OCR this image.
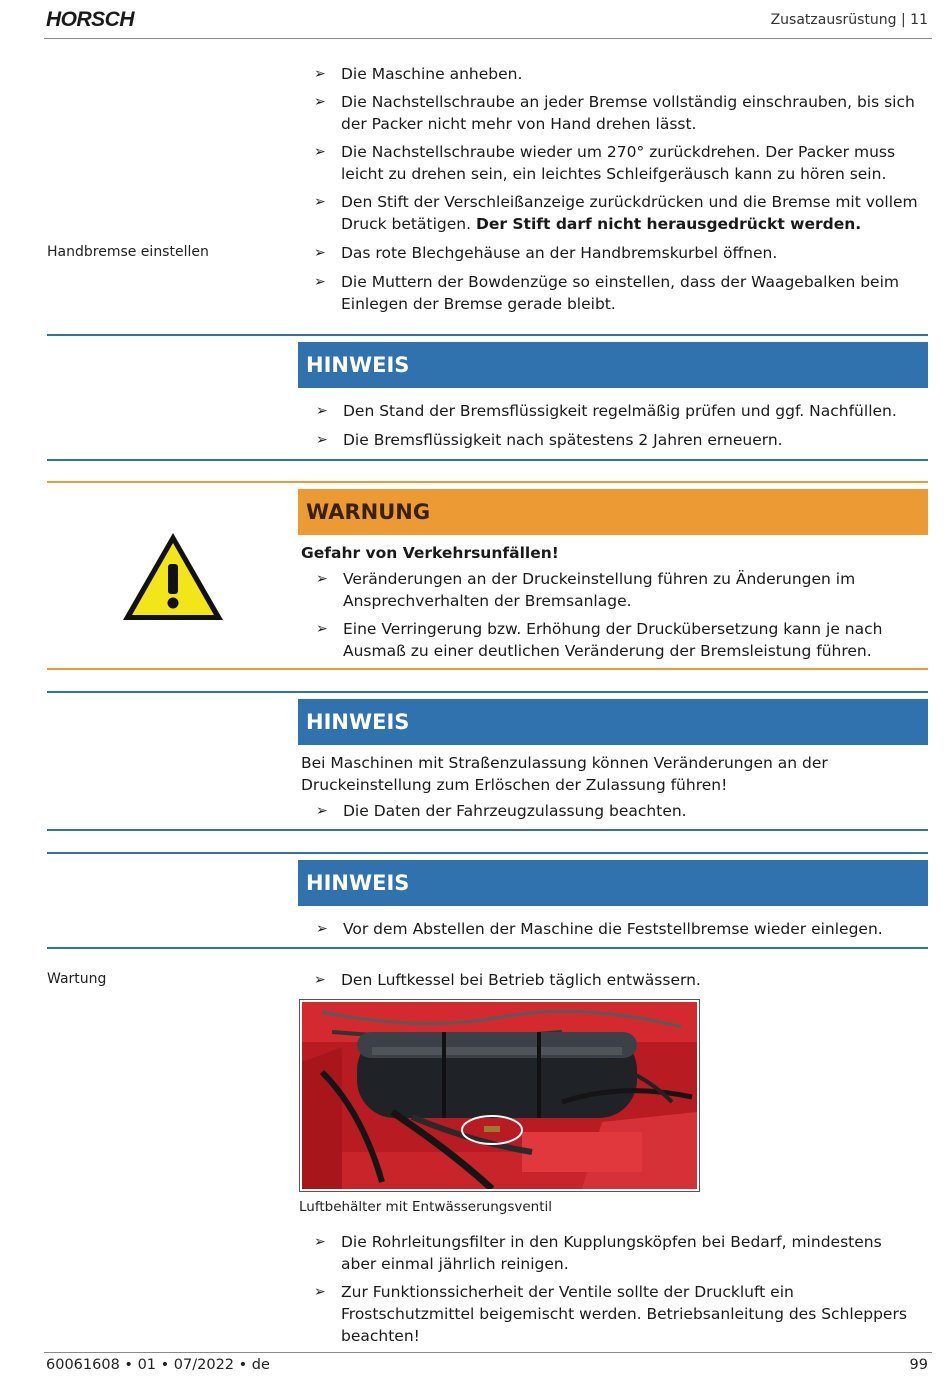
HORSCH	Zusatzausrüstung | 11
➢ Die Maschine anheben.
➢ Die Nachstellschraube an jeder Bremse vollständig einschrauben, bis sich der Packer nicht mehr von Hand drehen lässt.
➢ Die Nachstellschraube wieder um 270° zurückdrehen. Der Packer muss leicht zu drehen sein, ein leichtes Schleifgeräusch kann zu hören sein.
➢ Den Stift der Verschleißanzeige zurückdrücken und die Bremse mit vollem Druck betätigen. Der Stift darf nicht herausgedrückt werden.
Handbremse einstellen	➢ Das rote Blechgehäuse an der Handbremskurbel öffnen.
➢ Die Muttern der Bowdenzüge so einstellen, dass der Waagebalken beim Einlegen der Bremse gerade bleibt.
HINWEIS
➢ Den Stand der Bremsflüssigkeit regelmäßig prüfen und ggf. Nachfüllen.
➢ Die Bremsflüssigkeit nach spätestens 2 Jahren erneuern.
WARNUNG
Gefahr von Verkehrsunfällen!
➢ Veränderungen an der Druckeinstellung führen zu Änderungen im Ansprechverhalten der Bremsanlage.
➢ Eine Verringerung bzw. Erhöhung der Druckübersetzung kann je nach Ausmaß zu einer deutlichen Veränderung der Bremsleistung führen.
HINWEIS
Bei Maschinen mit Straßenzulassung können Veränderungen an der Druckeinstellung zum Erlöschen der Zulassung führen!
➢ Die Daten der Fahrzeugzulassung beachten.
HINWEIS
➢ Vor dem Abstellen der Maschine die Feststellbremse wieder einlegen.
Wartung	➢ Den Luftkessel bei Betrieb täglich entwässern.
Luftbehälter mit Entwässerungsventil
➢ Die Rohrleitungsfilter in den Kupplungsköpfen bei Bedarf, mindestens aber einmal jährlich reinigen.
➢ Zur Funktionssicherheit der Ventile sollte der Druckluft ein Frostschutzmittel beigemischt werden. Betriebsanleitung des Schleppers beachten!
60061608 • 01 • 07/2022 • de	99
